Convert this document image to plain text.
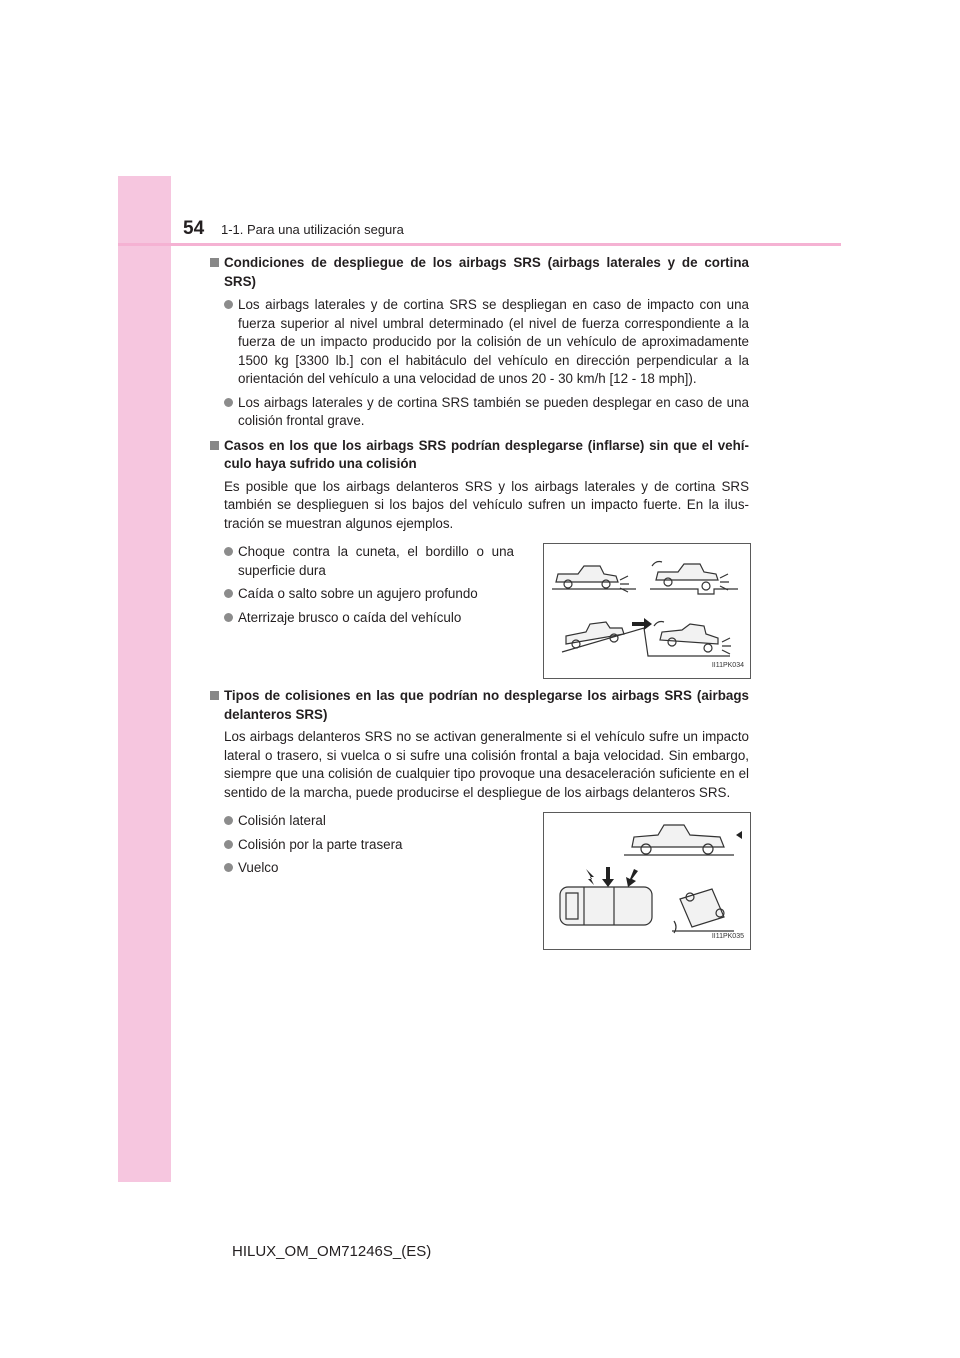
54 1-1. Para una utilización segura
Condiciones de despliegue de los airbags SRS (airbags laterales y de cortina SRS)
Los airbags laterales y de cortina SRS se despliegan en caso de impacto con una fuerza superior al nivel umbral determinado (el nivel de fuerza correspondiente a la fuerza de un impacto producido por la colisión de un vehículo de aproximadamente 1500 kg [3300 lb.] con el habitáculo del vehículo en dirección perpendicular a la orientación del vehículo a una velocidad de unos 20 - 30 km/h [12 - 18 mph]).
Los airbags laterales y de cortina SRS también se pueden desplegar en caso de una colisión frontal grave.
Casos en los que los airbags SRS podrían desplegarse (inflarse) sin que el vehí-culo haya sufrido una colisión
Es posible que los airbags delanteros SRS y los airbags laterales y de cortina SRS también se desplieguen si los bajos del vehículo sufren un impacto fuerte. En la ilus-tración se muestran algunos ejemplos.
Choque contra la cuneta, el bordillo o una superficie dura
Caída o salto sobre un agujero profundo
Aterrizaje brusco o caída del vehículo
II11PK034
Tipos de colisiones en las que podrían no desplegarse los airbags SRS (airbags delanteros SRS)
Los airbags delanteros SRS no se activan generalmente si el vehículo sufre un impacto lateral o trasero, si vuelca o si sufre una colisión frontal a baja velocidad. Sin embargo, siempre que una colisión de cualquier tipo provoque una desaceleración suficiente en el sentido de la marcha, puede producirse el despliegue de los airbags delanteros SRS.
Colisión lateral
Colisión por la parte trasera
Vuelco
II11PK035
HILUX_OM_OM71246S_(ES)
